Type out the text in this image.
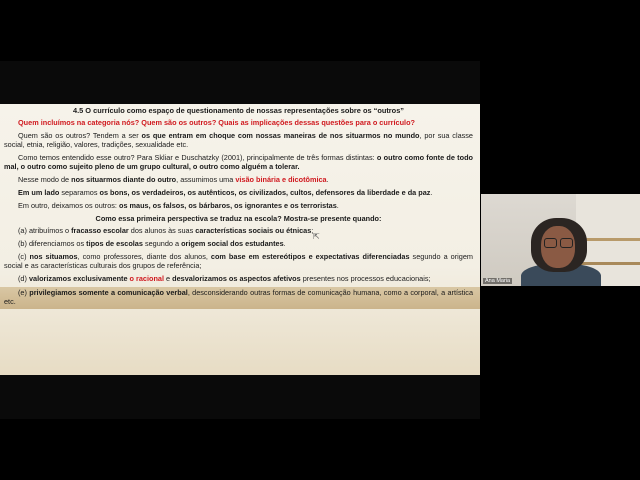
4.5 O currículo como espaço de questionamento de nossas representações sobre os “outros”

Quem incluímos na categoria nós? Quem são os outros? Quais as implicações dessas questões para o currículo?

Quem são os outros? Tendem a ser os que entram em choque com nossas maneiras de nos situarmos no mundo, por sua classe social, etnia, religião, valores, tradições, sexualidade etc.

Como temos entendido esse outro? Para Skliar e Duschatzky (2001), principalmente de três formas distintas: o outro como fonte de todo mal, o outro como sujeito pleno de um grupo cultural, o outro como alguém a tolerar.

Nesse modo de nos situarmos diante do outro, assumimos uma visão binária e dicotômica.

Em um lado separamos os bons, os verdadeiros, os autênticos, os civilizados, cultos, defensores da liberdade e da paz.

Em outro, deixamos os outros: os maus, os falsos, os bárbaros, os ignorantes e os terroristas.

Como essa primeira perspectiva se traduz na escola? Mostra-se presente quando:

(a) atribuímos o fracasso escolar dos alunos às suas características sociais ou étnicas;

(b) diferenciamos os tipos de escolas segundo a origem social dos estudantes.

(c) nos situamos, como professores, diante dos alunos, com base em estereótipos e expectativas diferenciadas segundo a origem social e as características culturais dos grupos de referência;

(d) valorizamos exclusivamente o racional e desvalorizamos os aspectos afetivos presentes nos processos educacionais;

(e) privilegiamos somente a comunicação verbal, desconsiderando outras formas de comunicação humana, como a corporal, a artística etc.

⇱
Ana Maria
